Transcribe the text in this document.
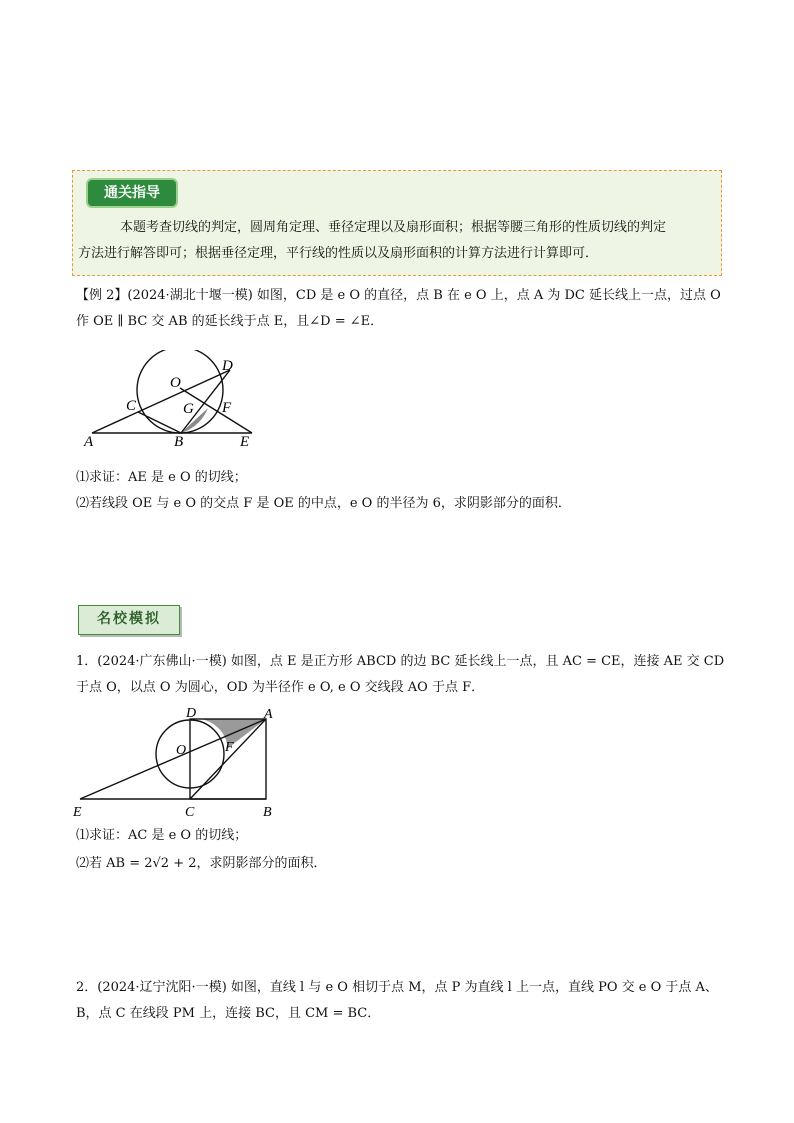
通关指导
本题考查切线的判定，圆周角定理、垂径定理以及扇形面积；根据等腰三角形的性质切线的判定
方法进行解答即可；根据垂径定理，平行线的性质以及扇形面积的计算方法进行计算即可．
【例 2】(2024·湖北十堰一模) 如图，CD 是 e O 的直径，点 B 在 e O 上，点 A 为 DC 延长线上一点，过点 O
作 OE ∥ BC 交 AB 的延长线于点 E，且∠D = ∠E．
A	B
C
D
E
F
G
O
⑴求证：AE 是 e O 的切线；
⑵若线段 OE 与 e O 的交点 F 是 OE 的中点，e O 的半径为 6，求阴影部分的面积．
名校模拟
1．(2024·广东佛山·一模) 如图，点 E 是正方形 ABCD 的边 BC 延长线上一点，且 AC = CE，连接 AE 交 CD
于点 O，以点 O 为圆心，OD 为半径作 e O, e O 交线段 AO 于点 F．
D	A
O	F
E	C	B
⑴求证：AC 是 e O 的切线；
⑵若 AB = 2√2 + 2，求阴影部分的面积．
2．(2024·辽宁沈阳·一模) 如图，直线 l 与 e O 相切于点 M，点 P 为直线 l 上一点，直线 PO 交 e O 于点 A、
B，点 C 在线段 PM 上，连接 BC，且 CM = BC．
